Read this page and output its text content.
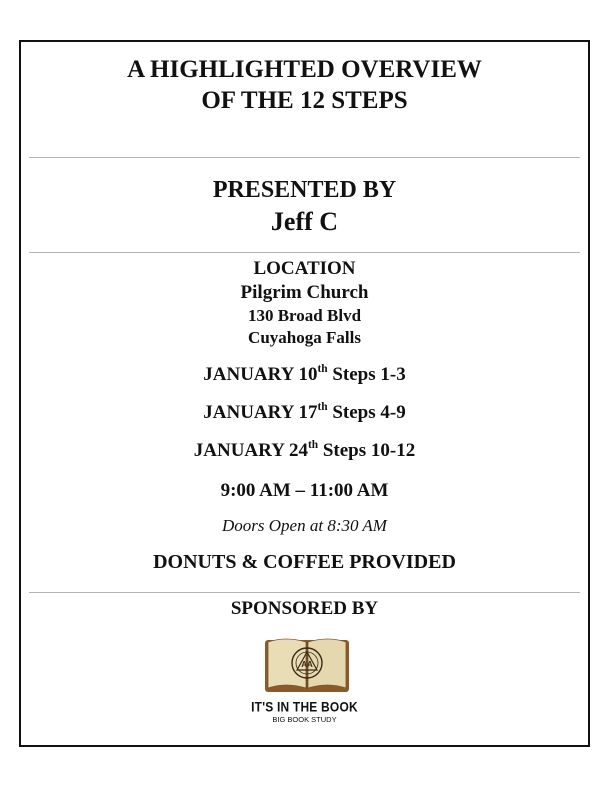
A HIGHLIGHTED OVERVIEW
OF THE 12 STEPS
PRESENTED BY
Jeff C
LOCATION
Pilgrim Church
130 Broad Blvd
Cuyahoga Falls
JANUARY 10th Steps 1-3
JANUARY 17th Steps 4-9
JANUARY 24th Steps 10-12
9:00 AM – 11:00 AM
Doors Open at 8:30 AM
DONUTS & COFFEE PROVIDED
SPONSORED BY
AA
IT'S IN THE BOOK
BIG BOOK STUDY
